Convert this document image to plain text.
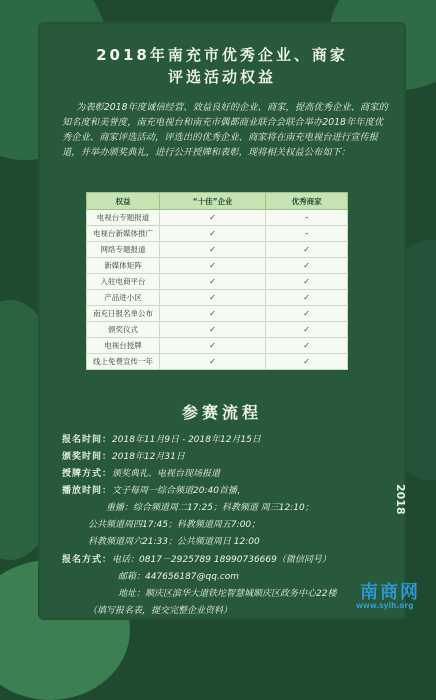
2018年南充市优秀企业、商家
评选活动权益
为表彰2018年度诚信经营、效益良好的企业、商家，提高优秀企业、商家的知名度和美誉度，南充电视台和南充市偶都商业联合会联合举办2018年年度优秀企业、商家评选活动，评选出的优秀企业、商家将在南充电视台进行宣传报道，并举办颁奖典礼，进行公开授牌和表彰，现将相关权益公布如下：
权益	“十佳”企业	优秀商家
电视台专题报道	✓	–
电视台新媒体推广	✓	–
网络专题报道	✓	✓
新媒体矩阵	✓	✓
入驻电商平台	✓	✓
产品进小区	✓	✓
南充日报名单公布	✓	✓
颁奖仪式	✓	✓
电视台授牌	✓	✓
线上免费宣传一年	✓	✓
参赛流程
报名时间：2018年11月9日 - 2018年12月15日
颁奖时间：2018年12月31日
授牌方式：颁奖典礼、电视台现场报道
播放时间：文子每周一综合频道20:40首播，
重播：综合频道周二17:25；科教频道 周三12:10；
公共频道周四17:45；科教频道周五7:00；
科教频道周六21:33；公共频道周日 12:00
报名方式：电话：0817－2925789 18990736669（微信同号）
邮箱：447656187@qq.com
地址：顺庆区滨华大道铁坨智慧城顺庆区政务中心22楼
（填写报名表，提交完整企业资料）
2018
南商网
www.sylh.org
